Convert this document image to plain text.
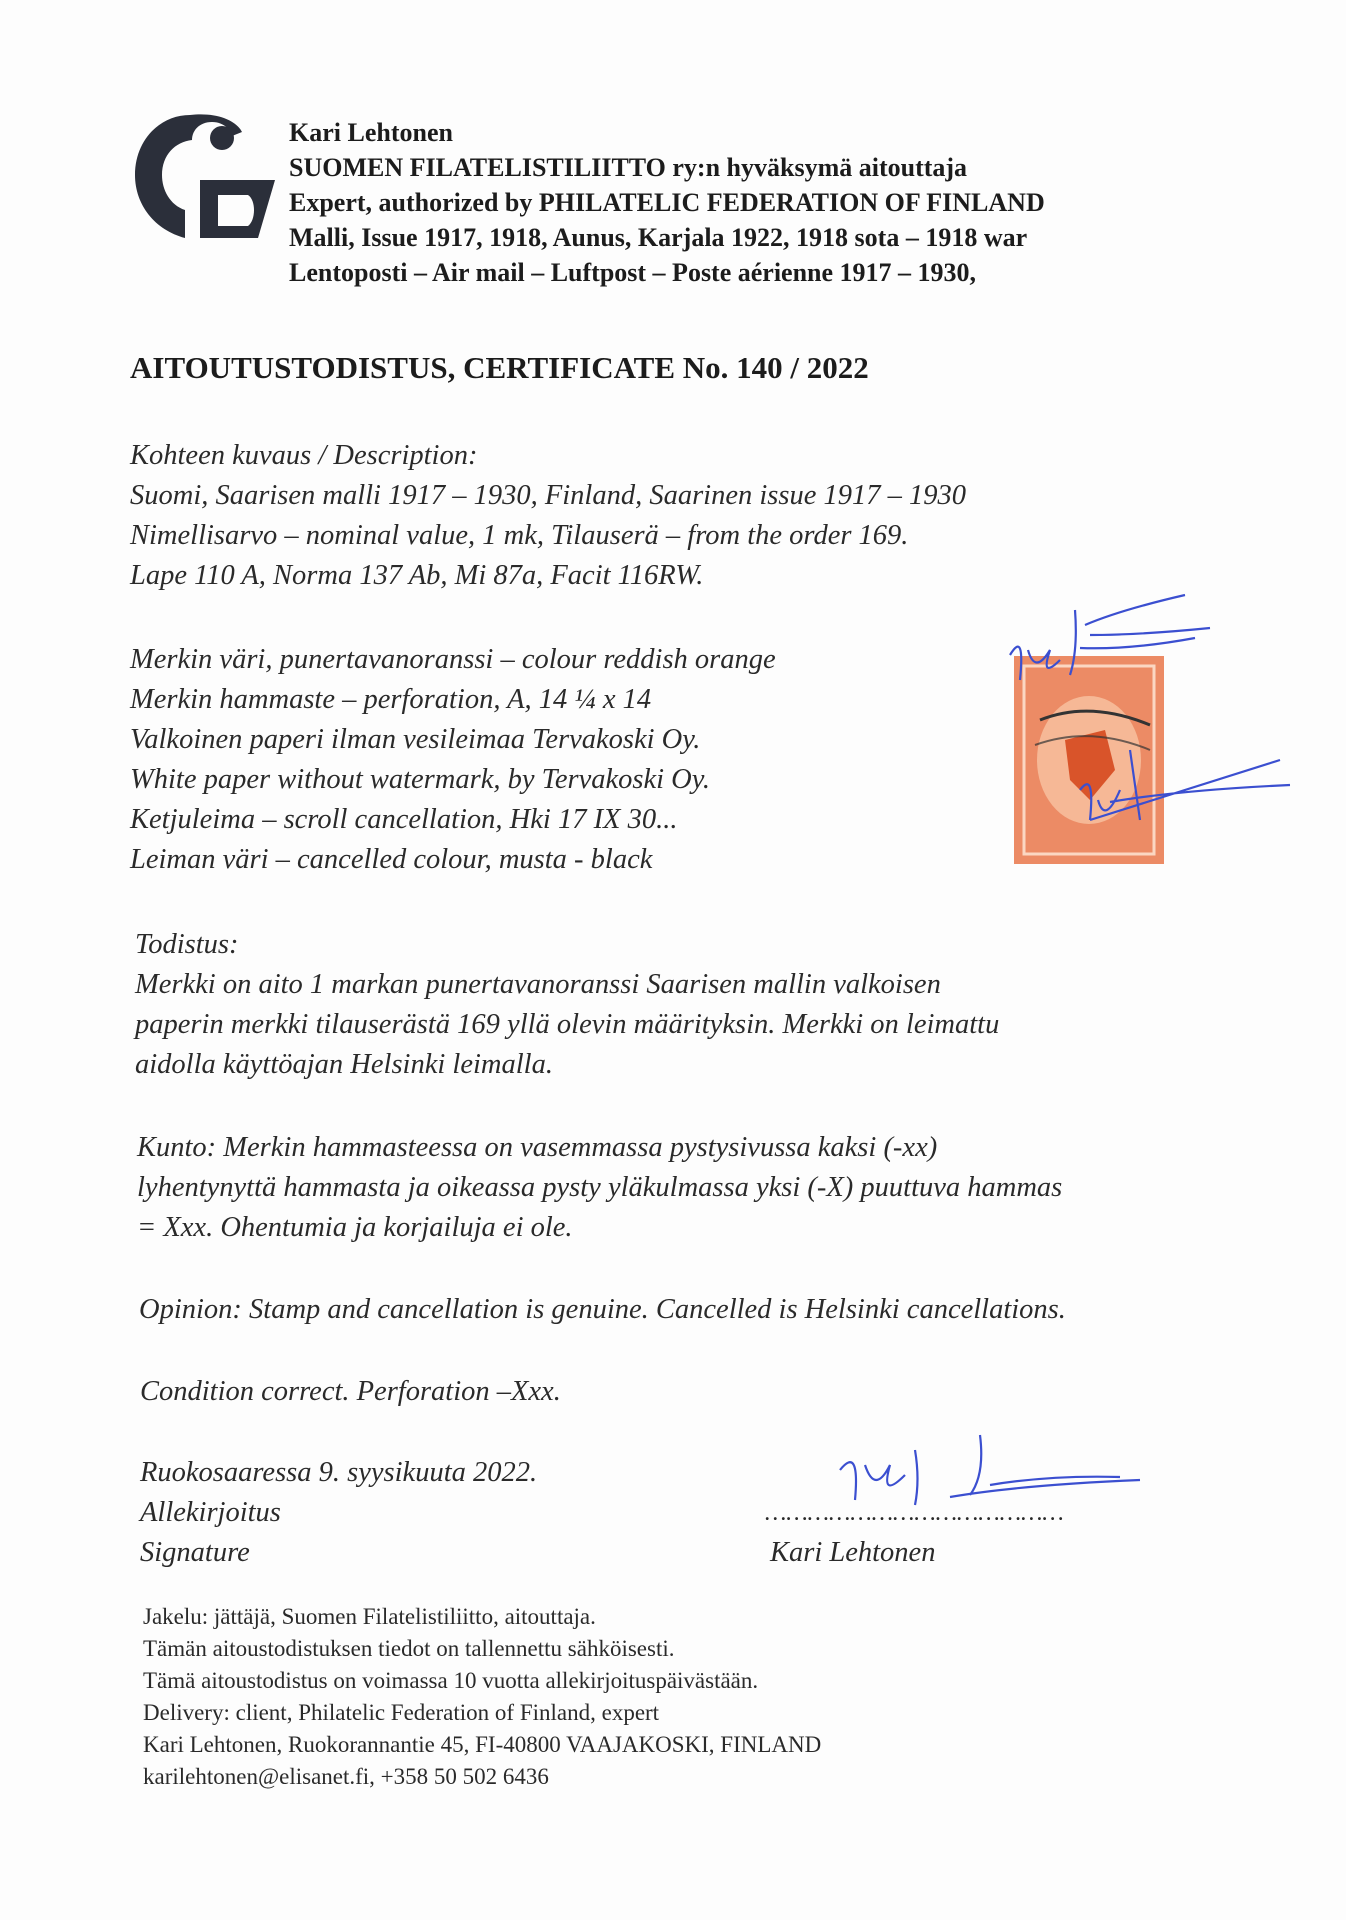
Kari Lehtonen
SUOMEN FILATELISTILIITTO ry:n hyväksymä aitouttaja
Expert, authorized by PHILATELIC FEDERATION OF FINLAND
Malli, Issue 1917, 1918, Aunus, Karjala 1922, 1918 sota – 1918 war
Lentoposti – Air mail – Luftpost – Poste aérienne 1917 – 1930,
AITOUTUSTODISTUS, CERTIFICATE No. 140 / 2022
Kohteen kuvaus / Description:
Suomi, Saarisen malli 1917 – 1930, Finland, Saarinen issue 1917 – 1930
Nimellisarvo – nominal value, 1 mk, Tilauserä – from the order 169.
Lape 110 A, Norma 137 Ab, Mi 87a, Facit 116RW.
Merkin väri, punertavanoranssi – colour reddish orange
Merkin hammaste – perforation, A, 14 ¼ x 14
Valkoinen paperi ilman vesileimaa Tervakoski Oy.
White paper without watermark, by Tervakoski Oy.
Ketjuleima – scroll cancellation, Hki 17 IX 30...
Leiman väri – cancelled colour, musta - black
Todistus:
Merkki on aito 1 markan punertavanoranssi Saarisen mallin valkoisen
paperin merkki tilauserästä 169 yllä olevin määrityksin. Merkki on leimattu
aidolla käyttöajan Helsinki leimalla.
Kunto: Merkin hammasteessa on vasemmassa pystysivussa kaksi (-xx)
lyhentynyttä hammasta ja oikeassa pysty yläkulmassa yksi (-X) puuttuva hammas
= Xxx. Ohentumia ja korjailuja ei ole.
Opinion: Stamp and cancellation is genuine. Cancelled is Helsinki cancellations.
Condition correct. Perforation –Xxx.
Ruokosaaressa 9. syysikuuta 2022.
Allekirjoitus
Signature
……………………………………
Kari Lehtonen
Jakelu: jättäjä, Suomen Filatelistiliitto, aitouttaja.
Tämän aitoustodistuksen tiedot on tallennettu sähköisesti.
Tämä aitoustodistus on voimassa 10 vuotta allekirjoituspäivästään.
Delivery: client, Philatelic Federation of Finland, expert
Kari Lehtonen, Ruokorannantie 45, FI-40800 VAAJAKOSKI, FINLAND
karilehtonen@elisanet.fi, +358 50 502 6436
